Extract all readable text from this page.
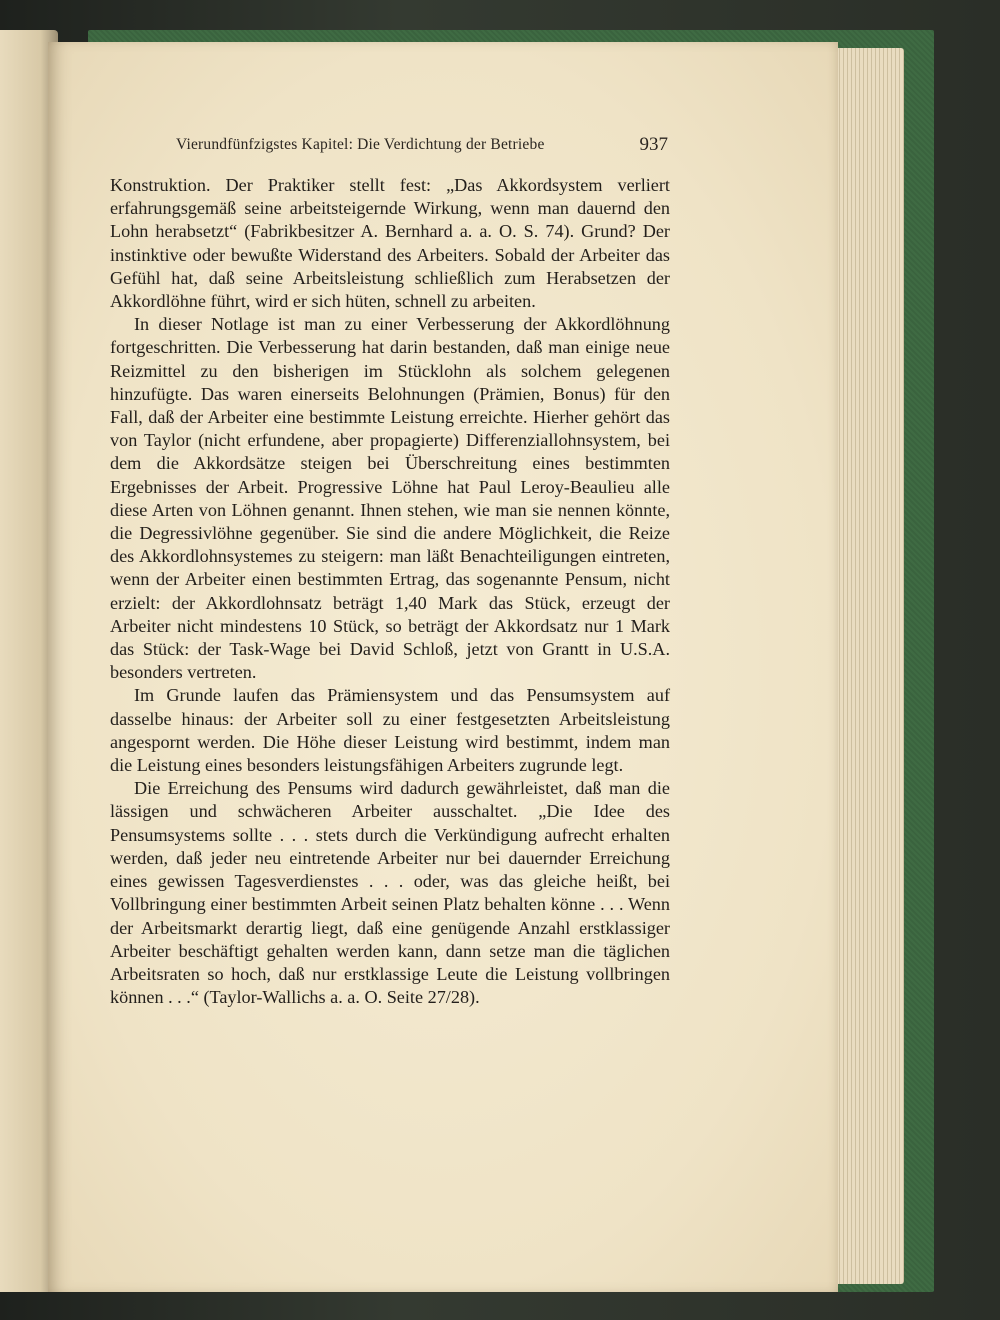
Vierundfünfzigstes Kapitel: Die Verdichtung der Betriebe	937

Konstruktion. Der Praktiker stellt fest: „Das Akkordsystem verliert erfahrungsgemäß seine arbeitsteigernde Wirkung, wenn man dauernd den Lohn herabsetzt“ (Fabrikbesitzer A. Bernhard a. a. O. S. 74). Grund? Der instinktive oder bewußte Widerstand des Arbeiters. Sobald der Arbeiter das Gefühl hat, daß seine Arbeitsleistung schließlich zum Herabsetzen der Akkordlöhne führt, wird er sich hüten, schnell zu arbeiten.

In dieser Notlage ist man zu einer Verbesserung der Akkordlöhnung fortgeschritten. Die Verbesserung hat darin bestanden, daß man einige neue Reizmittel zu den bisherigen im Stücklohn als solchem gelegenen hinzufügte. Das waren einerseits Belohnungen (Prämien, Bonus) für den Fall, daß der Arbeiter eine bestimmte Leistung erreichte. Hierher gehört das von Taylor (nicht erfundene, aber propagierte) Differenziallohnsystem, bei dem die Akkordsätze steigen bei Überschreitung eines bestimmten Ergebnisses der Arbeit. Progressive Löhne hat Paul Leroy-Beaulieu alle diese Arten von Löhnen genannt. Ihnen stehen, wie man sie nennen könnte, die Degressivlöhne gegenüber. Sie sind die andere Möglichkeit, die Reize des Akkordlohnsystemes zu steigern: man läßt Benachteiligungen eintreten, wenn der Arbeiter einen bestimmten Ertrag, das sogenannte Pensum, nicht erzielt: der Akkordlohnsatz beträgt 1,40 Mark das Stück, erzeugt der Arbeiter nicht mindestens 10 Stück, so beträgt der Akkordsatz nur 1 Mark das Stück: der Task-Wage bei David Schloß, jetzt von Grantt in U.S.A. besonders vertreten.

Im Grunde laufen das Prämiensystem und das Pensumsystem auf dasselbe hinaus: der Arbeiter soll zu einer festgesetzten Arbeitsleistung angespornt werden. Die Höhe dieser Leistung wird bestimmt, indem man die Leistung eines besonders leistungsfähigen Arbeiters zugrunde legt.

Die Erreichung des Pensums wird dadurch gewährleistet, daß man die lässigen und schwächeren Arbeiter ausschaltet. „Die Idee des Pensumsystems sollte . . . stets durch die Verkündigung aufrecht erhalten werden, daß jeder neu eintretende Arbeiter nur bei dauernder Erreichung eines gewissen Tagesverdienstes . . . oder, was das gleiche heißt, bei Vollbringung einer bestimmten Arbeit seinen Platz behalten könne . . . Wenn der Arbeitsmarkt derartig liegt, daß eine genügende Anzahl erstklassiger Arbeiter beschäftigt gehalten werden kann, dann setze man die täglichen Arbeitsraten so hoch, daß nur erstklassige Leute die Leistung vollbringen können . . .“ (Taylor-Wallichs a. a. O. Seite 27/28).
